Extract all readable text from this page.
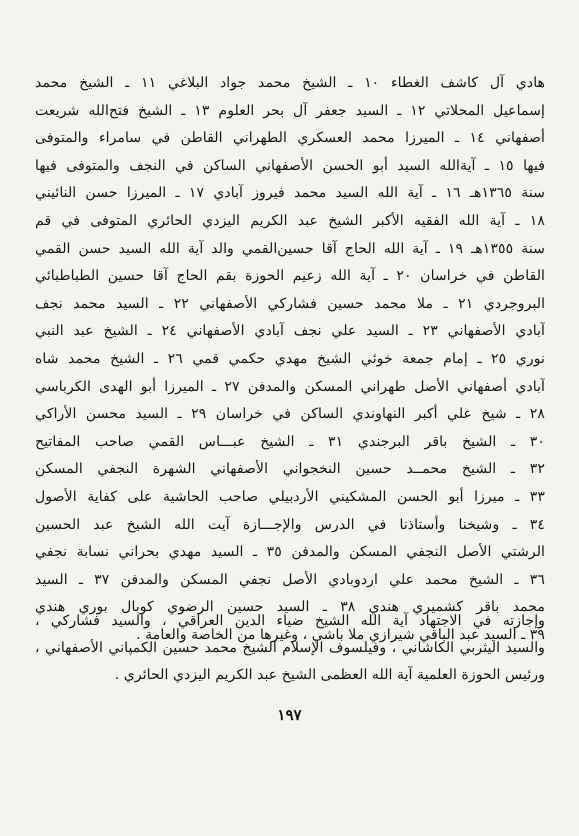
هادي آل كاشف الغطاء ١٠ ـ الشيخ محمد جواد البلاغي ١١ ـ الشيخ محمد
إسماعيل المحلاتي ١٢ ـ السيد جعفر آل بحر العلوم ١٣ ـ الشيخ فتح‌الله شريعت
أصفهاني ١٤ ـ الميرزا محمد العسكري الطهراني القاطن في سامراء والمتوفى
فيها ١٥ ـ آية‌الله السيد أبو الحسن الأصفهاني الساكن في النجف والمتوفى فيها
سنة ١٣٦٥هـ ١٦ ـ آية الله السيد محمد فيروز آبادي ١٧ ـ الميرزا حسن النائيني
١٨ ـ آية الله الفقيه الأكبر الشيخ عبد الكريم اليزدي الحائري المتوفى في قم
سنة ١٣٥٥هـ ١٩ ـ آية الله الحاج آقا حسين‌القمي والد آية الله السيد حسن القمي
القاطن في خراسان ٢٠ ـ آية الله زعيم الحوزة بقم الحاج آقا حسين الطباطبائي
البروجردي ٢١ ـ ملا محمد حسين فشاركي الأصفهاني ٢٢ ـ السيد محمد نجف
آبادي الأصفهاني ٢٣ ـ السيد علي نجف آبادي الأصفهاني ٢٤ ـ الشيخ عبد النبي
نوري ٢٥ ـ إمام جمعة خوئي الشيخ مهدي حكمي قمي ٢٦ ـ الشيخ محمد شاه
آبادي أصفهاني الأصل طهراني المسكن والمدفن ٢٧ ـ الميرزا أبو الهدى الكرباسي
٢٨ ـ شيخ علي أكبر النهاوندي الساكن في خراسان ٢٩ ـ السيد محسن الأراكي
٣٠ ـ الشيخ باقر البرجندي ٣١ ـ الشيخ عبـــاس القمي صاحب المفاتيح
٣٢ ـ الشيخ محمــد حسين النخجواني الأصفهاني الشهرة النجفي المسكن
٣٣ ـ ميرزا أبو الحسن المشكيني الأردبيلي صاحب الحاشية على كفاية الأصول
٣٤ ـ وشيخنا وأستاذنا في الدرس والإجـــازة آيت الله الشيخ عبد الحسين
الرشتي الأصل النجفي المسكن والمدفن ٣٥ ـ السيد مهدي بحراني نسابة نجفي
٣٦ ـ الشيخ محمد علي اردوبادي الأصل نجفي المسكن والمدفن ٣٧ ـ السيد
محمد باقر كشميري هندي ٣٨ ـ السيد حسين الرضوي كوبال بوري هندي
٣٩ ـ السيد عبد الباقي شيرازي ملا باشي ، وغيرها من الخاصة والعامة .
وإجازته في الاجتهاد آية الله الشيخ ضياء الدين العراقي ، والسيد فشاركي ،
والسيد اليثربي الكاشاني ، وفيلسوف الإسلام الشيخ محمد حسين الكمپاني الأصفهاني ،
ورئيس الحوزة العلمية آية الله العظمى الشيخ عبد الكريم اليزدي الحائري .
١٩٧
